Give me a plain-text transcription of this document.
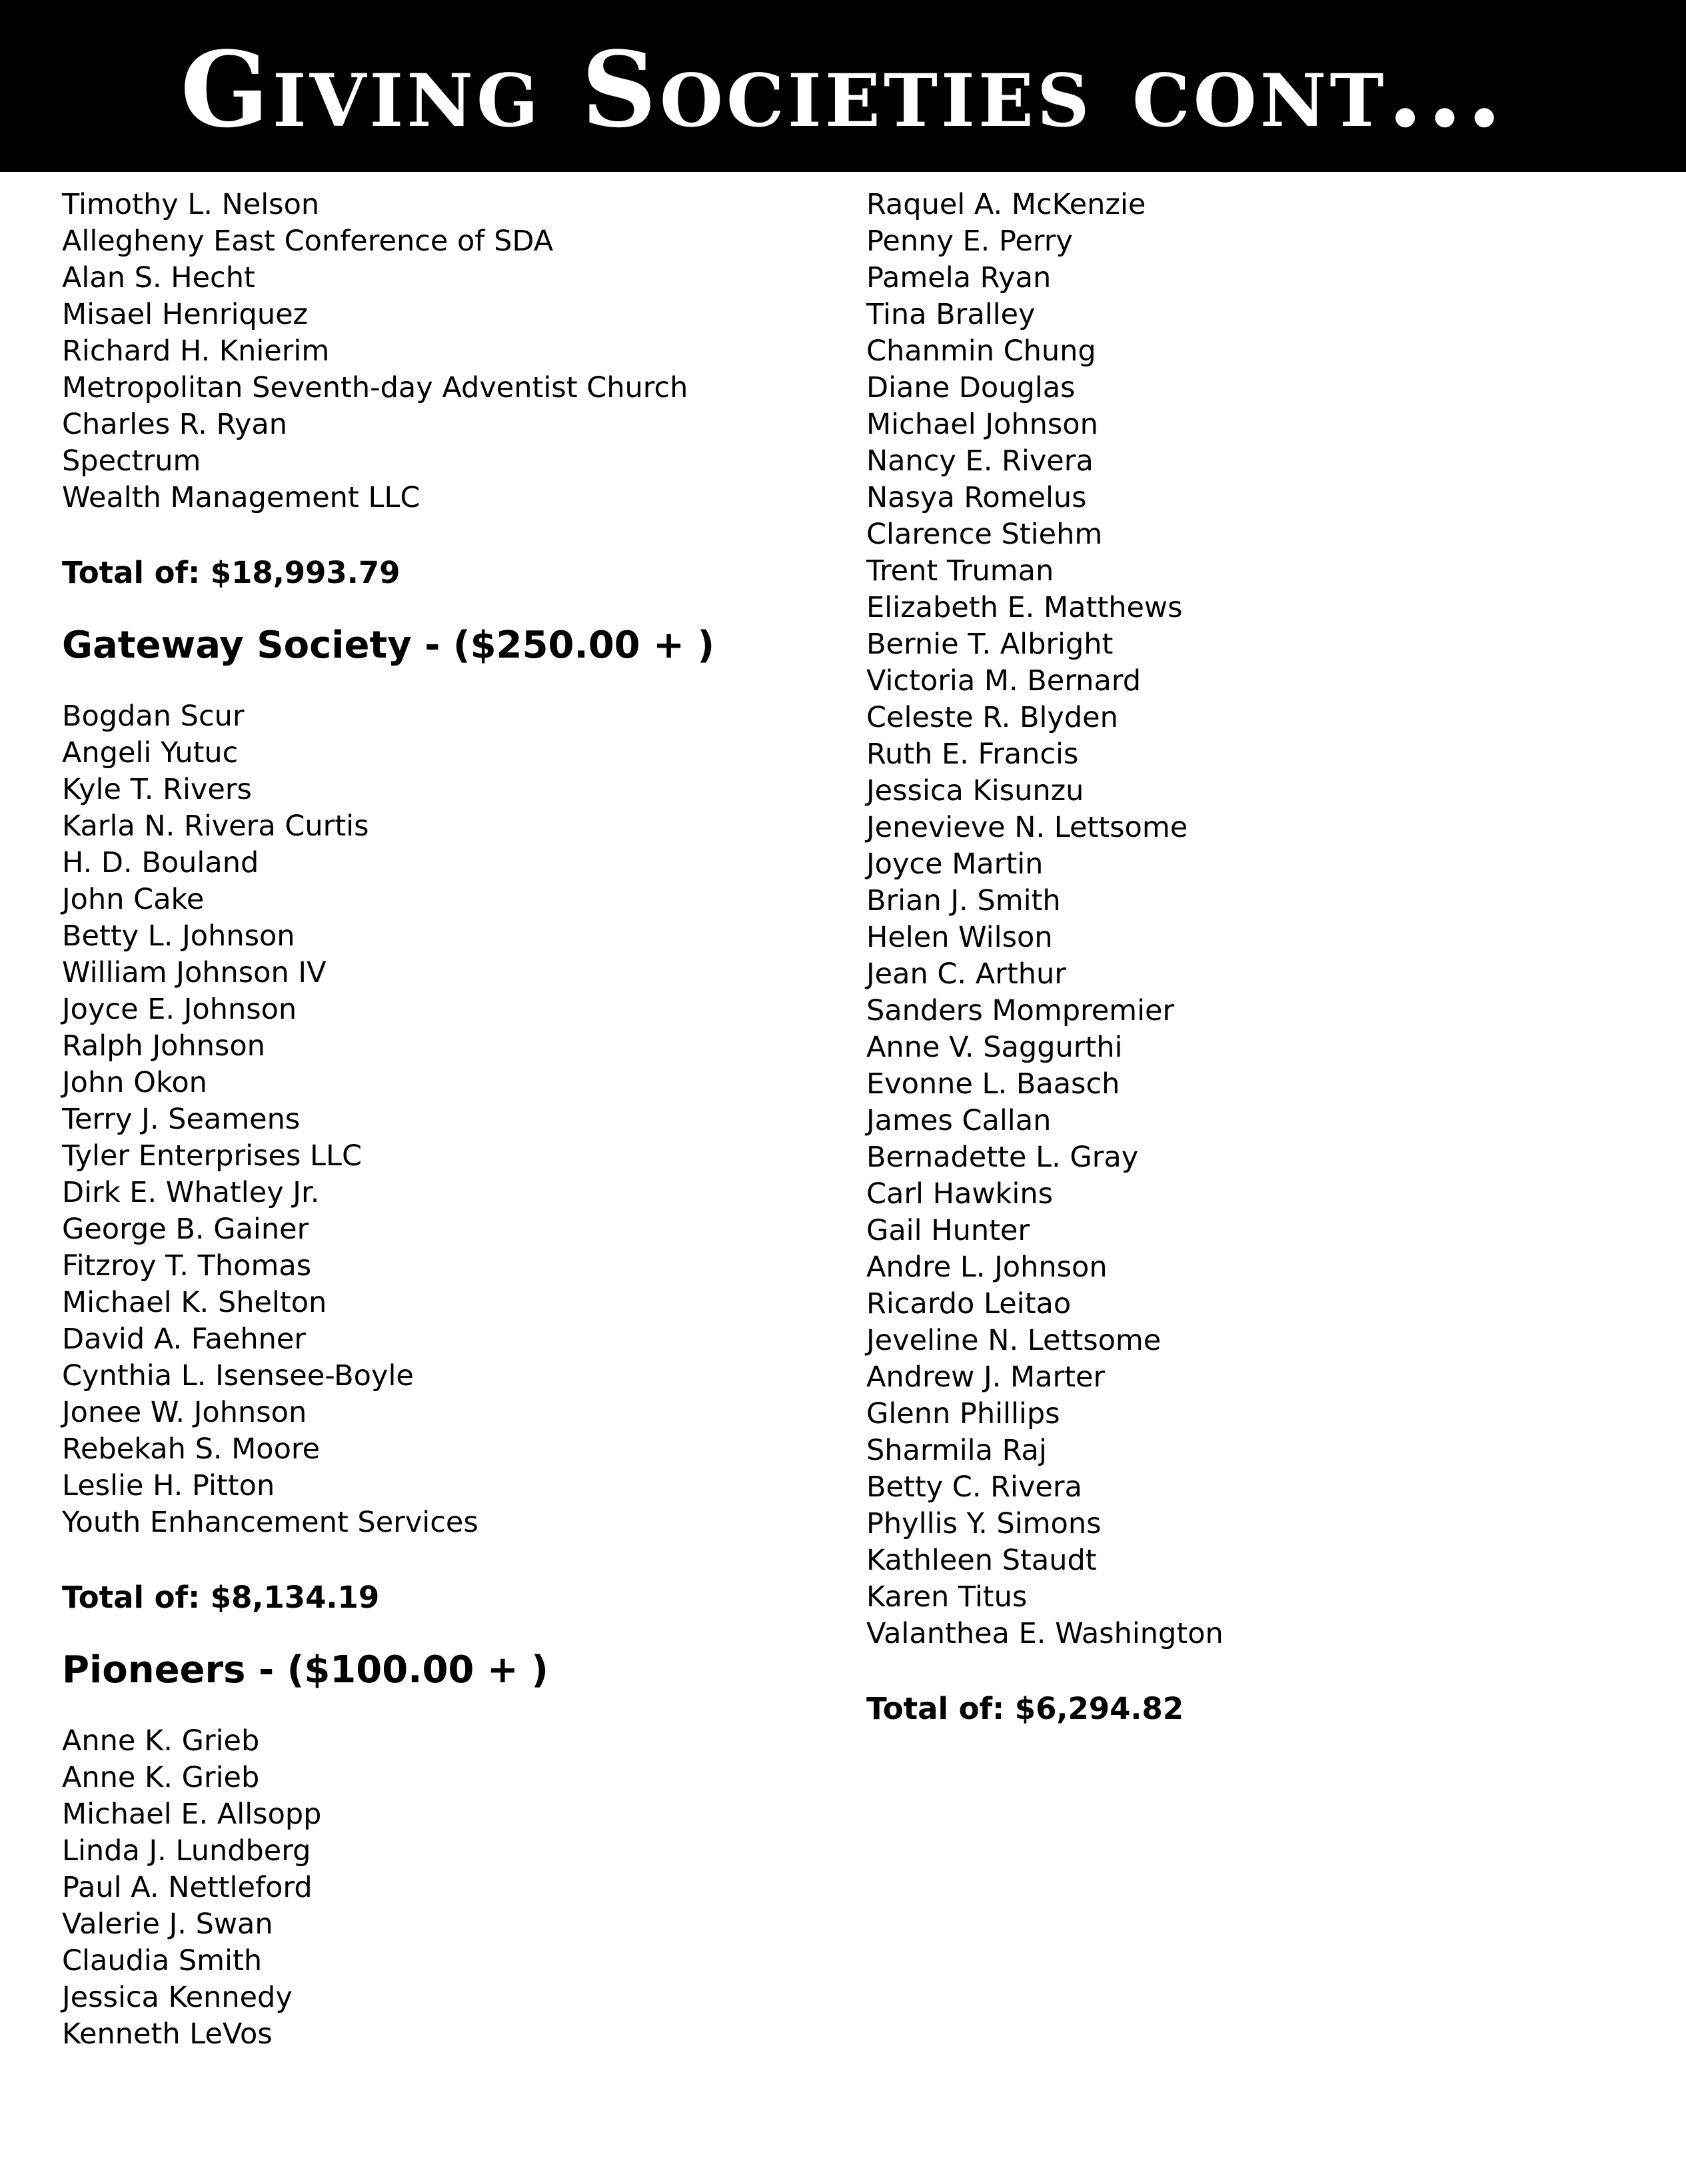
Giving Societies cont...
Timothy L. Nelson
Allegheny East Conference of SDA
Alan S. Hecht
Misael Henriquez
Richard H. Knierim
Metropolitan Seventh-day Adventist Church
Charles R. Ryan
Spectrum
Wealth Management LLC

Total of: $18,993.79

Gateway Society - ($250.00 + )
Bogdan Scur
Angeli Yutuc
Kyle T. Rivers
Karla N. Rivera Curtis
H. D. Bouland
John Cake
Betty L. Johnson
William Johnson IV
Joyce E. Johnson
Ralph Johnson
John Okon
Terry J. Seamens
Tyler Enterprises LLC
Dirk E. Whatley Jr.
George B. Gainer
Fitzroy T. Thomas
Michael K. Shelton
David A. Faehner
Cynthia L. Isensee-Boyle
Jonee W. Johnson
Rebekah S. Moore
Leslie H. Pitton
Youth Enhancement Services

Total of: $8,134.19

Pioneers - ($100.00 + )
Anne K. Grieb
Anne K. Grieb
Michael E. Allsopp
Linda J. Lundberg
Paul A. Nettleford
Valerie J. Swan
Claudia Smith
Jessica Kennedy
Kenneth LeVos
Raquel A. McKenzie
Penny E. Perry
Pamela Ryan
Tina Bralley
Chanmin Chung
Diane Douglas
Michael Johnson
Nancy E. Rivera
Nasya Romelus
Clarence Stiehm
Trent Truman
Elizabeth E. Matthews
Bernie T. Albright
Victoria M. Bernard
Celeste R. Blyden
Ruth E. Francis
Jessica Kisunzu
Jenevieve N. Lettsome
Joyce Martin
Brian J. Smith
Helen Wilson
Jean C. Arthur
Sanders Mompremier
Anne V. Saggurthi
Evonne L. Baasch
James Callan
Bernadette L. Gray
Carl Hawkins
Gail Hunter
Andre L. Johnson
Ricardo Leitao
Jeveline N. Lettsome
Andrew J. Marter
Glenn Phillips
Sharmila Raj
Betty C. Rivera
Phyllis Y. Simons
Kathleen Staudt
Karen Titus
Valanthea E. Washington

Total of: $6,294.82
